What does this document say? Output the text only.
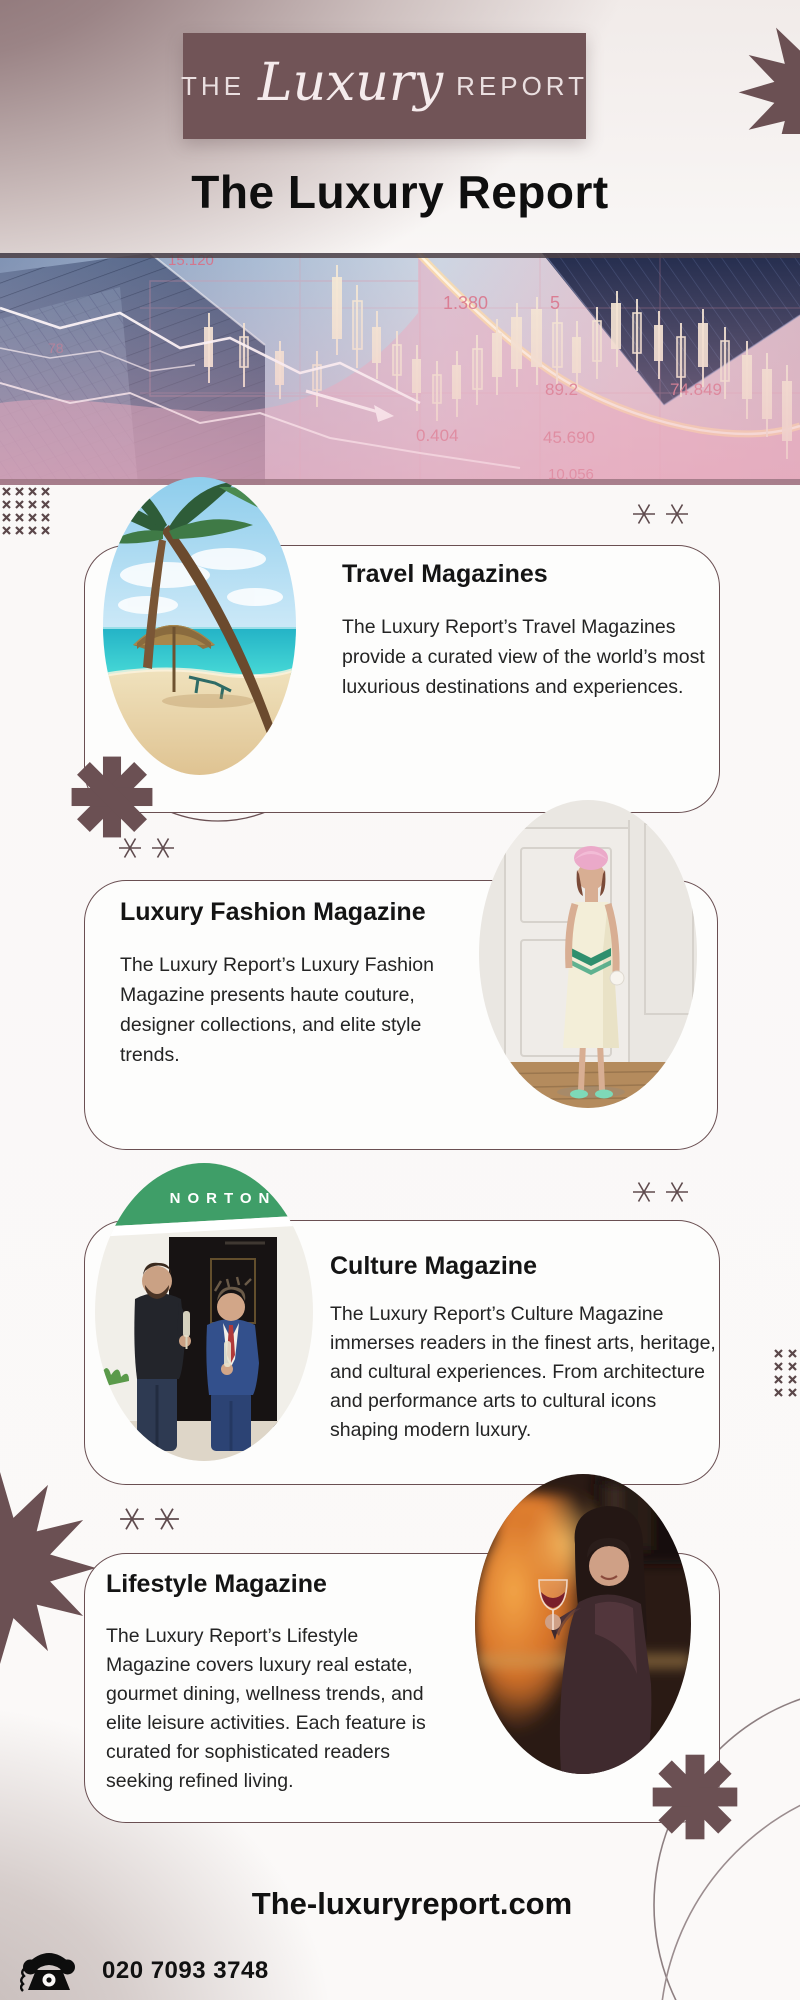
THE Luxury REPORT
The Luxury Report
Travel Magazines
The Luxury Report’s Travel Magazines provide a curated view of the world’s most luxurious destinations and experiences.
Luxury Fashion Magazine
The Luxury Report’s Luxury Fashion Magazine presents haute couture, designer collections, and elite style trends.
Culture Magazine
The Luxury Report’s Culture Magazine immerses readers in the finest arts, heritage, and cultural experiences. From architecture and performance arts to cultural icons shaping modern luxury.
NORTON
Lifestyle Magazine
The Luxury Report’s Lifestyle Magazine covers luxury real estate, gourmet dining, wellness trends, and elite leisure activities. Each feature is curated for sophisticated readers seeking refined living.
The-luxuryreport.com
020 7093 3748
